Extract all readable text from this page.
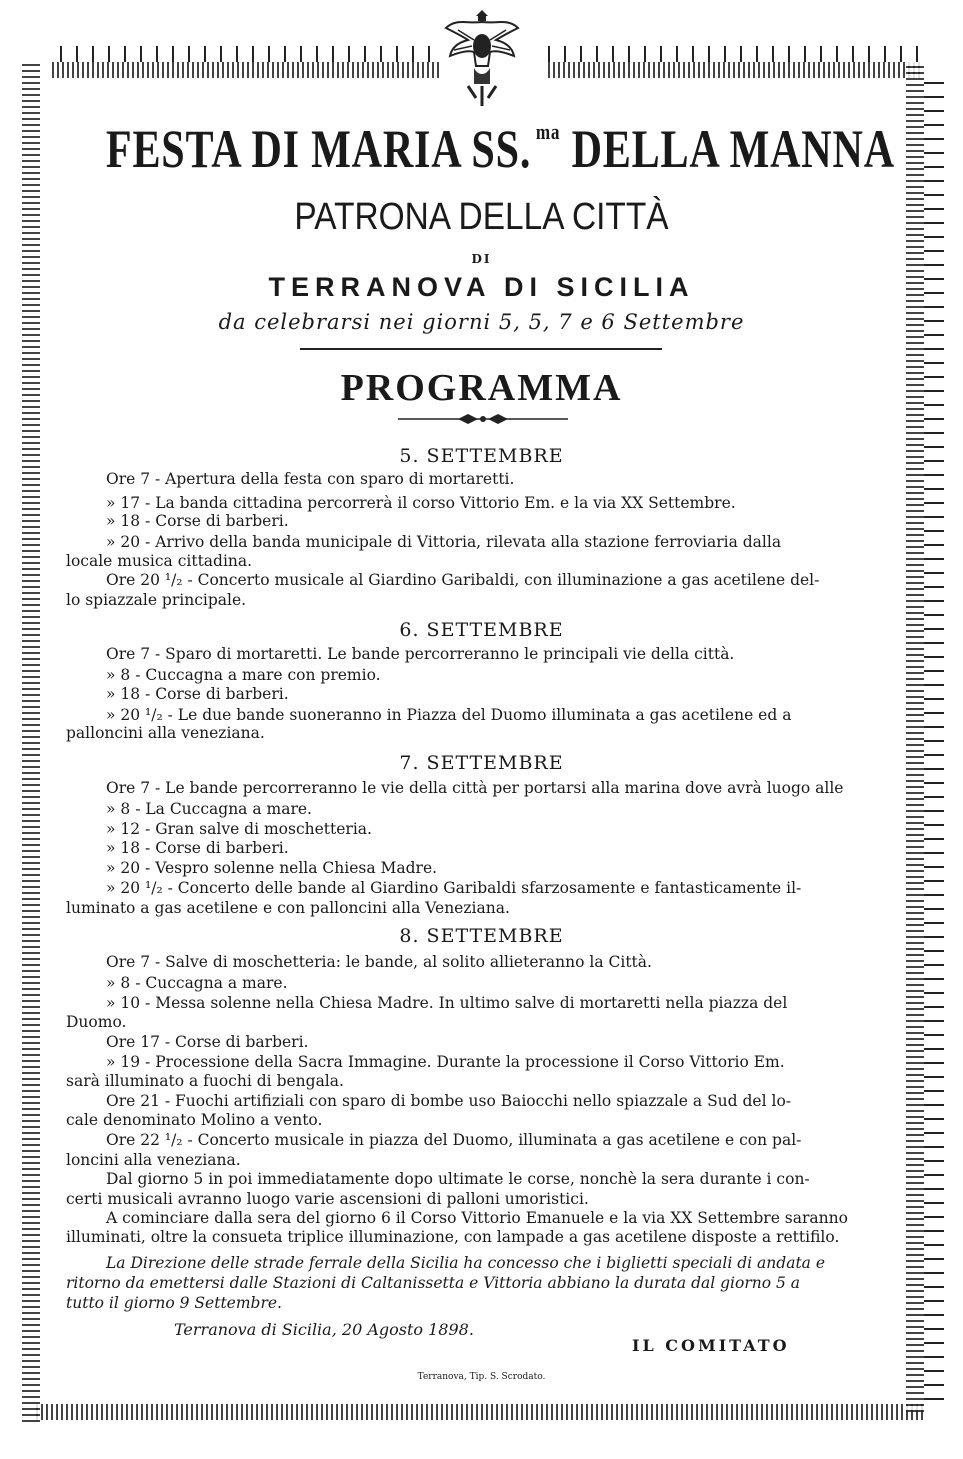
FESTA DI MARIA SS. $^{ma}$ DELLA MANNA
PATRONA DELLA CITTÀ
DI
TERRANOVA DI SICILIA
da celebrarsi nei giorni 5, 5, 7 e 6 Settembre
PROGRAMMA
5. SETTEMBRE
6. SETTEMBRE
7. SETTEMBRE
8. SETTEMBRE
Ore 7 - Apertura della festa con sparo di mortaretti.
» 17 - La banda cittadina percorrerà il corso Vittorio Em. e la via XX Settembre.
» 18 - Corse di barberi.
» 20 - Arrivo della banda municipale di Vittoria, rilevata alla stazione ferroviaria dalla
locale musica cittadina.
Ore 20 ¹/₂ - Concerto musicale al Giardino Garibaldi, con illuminazione a gas acetilene del-
lo spiazzale principale.
Ore 7 - Sparo di mortaretti. Le bande percorreranno le principali vie della città.
» 8 - Cuccagna a mare con premio.
» 18 - Corse di barberi.
» 20 ¹/₂ - Le due bande suoneranno in Piazza del Duomo illuminata a gas acetilene ed a
palloncini alla veneziana.
Ore 7 - Le bande percorreranno le vie della città per portarsi alla marina dove avrà luogo alle
» 8 - La Cuccagna a mare.
» 12 - Gran salve di moschetteria.
» 18 - Corse di barberi.
» 20 - Vespro solenne nella Chiesa Madre.
» 20 ¹/₂ - Concerto delle bande al Giardino Garibaldi sfarzosamente e fantasticamente il-
luminato a gas acetilene e con palloncini alla Veneziana.
Ore 7 - Salve di moschetteria: le bande, al solito allieteranno la Città.
» 8 - Cuccagna a mare.
» 10 - Messa solenne nella Chiesa Madre. In ultimo salve di mortaretti nella piazza del
Duomo.
Ore 17 - Corse di barberi.
» 19 - Processione della Sacra Immagine. Durante la processione il Corso Vittorio Em.
sarà illuminato a fuochi di bengala.
Ore 21 - Fuochi artifiziali con sparo di bombe uso Baiocchi nello spiazzale a Sud del lo-
cale denominato Molino a vento.
Ore 22 ¹/₂ - Concerto musicale in piazza del Duomo, illuminata a gas acetilene e con pal-
loncini alla veneziana.
Dal giorno 5 in poi immediatamente dopo ultimate le corse, nonchè la sera durante i con-
certi musicali avranno luogo varie ascensioni di palloni umoristici.
A cominciare dalla sera del giorno 6 il Corso Vittorio Emanuele e la via XX Settembre saranno
illuminati, oltre la consueta triplice illuminazione, con lampade a gas acetilene disposte a rettifilo.
La Direzione delle strade ferrale della Sicilia ha concesso che i biglietti speciali di andata e
ritorno da emettersi dalle Stazioni di Caltanissetta e Vittoria abbiano la durata dal giorno 5 a
tutto il giorno 9 Settembre.
Terranova di Sicilia, 20 Agosto 1898.
IL COMITATO
Terranova, Tip. S. Scrodato.
